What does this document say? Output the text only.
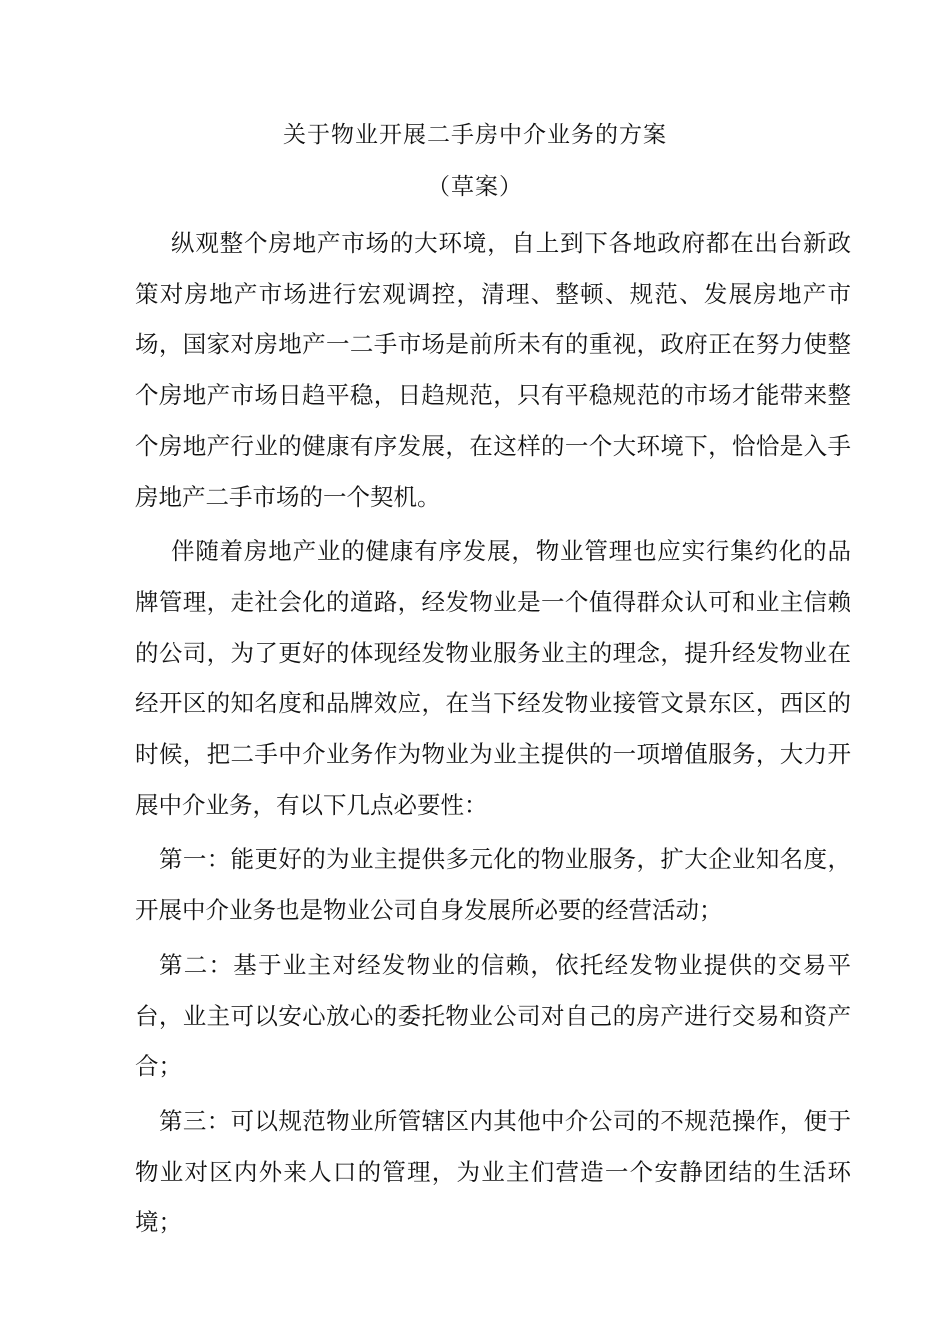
关于物业开展二手房中介业务的方案
（草案）

纵观整个房地产市场的大环境，自上到下各地政府都在出台新政策对房地产市场进行宏观调控，清理、整顿、规范、发展房地产市场，国家对房地产一二手市场是前所未有的重视，政府正在努力使整个房地产市场日趋平稳，日趋规范，只有平稳规范的市场才能带来整个房地产行业的健康有序发展，在这样的一个大环境下，恰恰是入手房地产二手市场的一个契机。

伴随着房地产业的健康有序发展，物业管理也应实行集约化的品牌管理，走社会化的道路，经发物业是一个值得群众认可和业主信赖的公司，为了更好的体现经发物业服务业主的理念，提升经发物业在经开区的知名度和品牌效应，在当下经发物业接管文景东区，西区的时候，把二手中介业务作为物业为业主提供的一项增值服务，大力开展中介业务，有以下几点必要性：

第一：能更好的为业主提供多元化的物业服务，扩大企业知名度，开展中介业务也是物业公司自身发展所必要的经营活动；

第二：基于业主对经发物业的信赖，依托经发物业提供的交易平台，业主可以安心放心的委托物业公司对自己的房产进行交易和资产合；

第三：可以规范物业所管辖区内其他中介公司的不规范操作，便于物业对区内外来人口的管理，为业主们营造一个安静团结的生活环境；
